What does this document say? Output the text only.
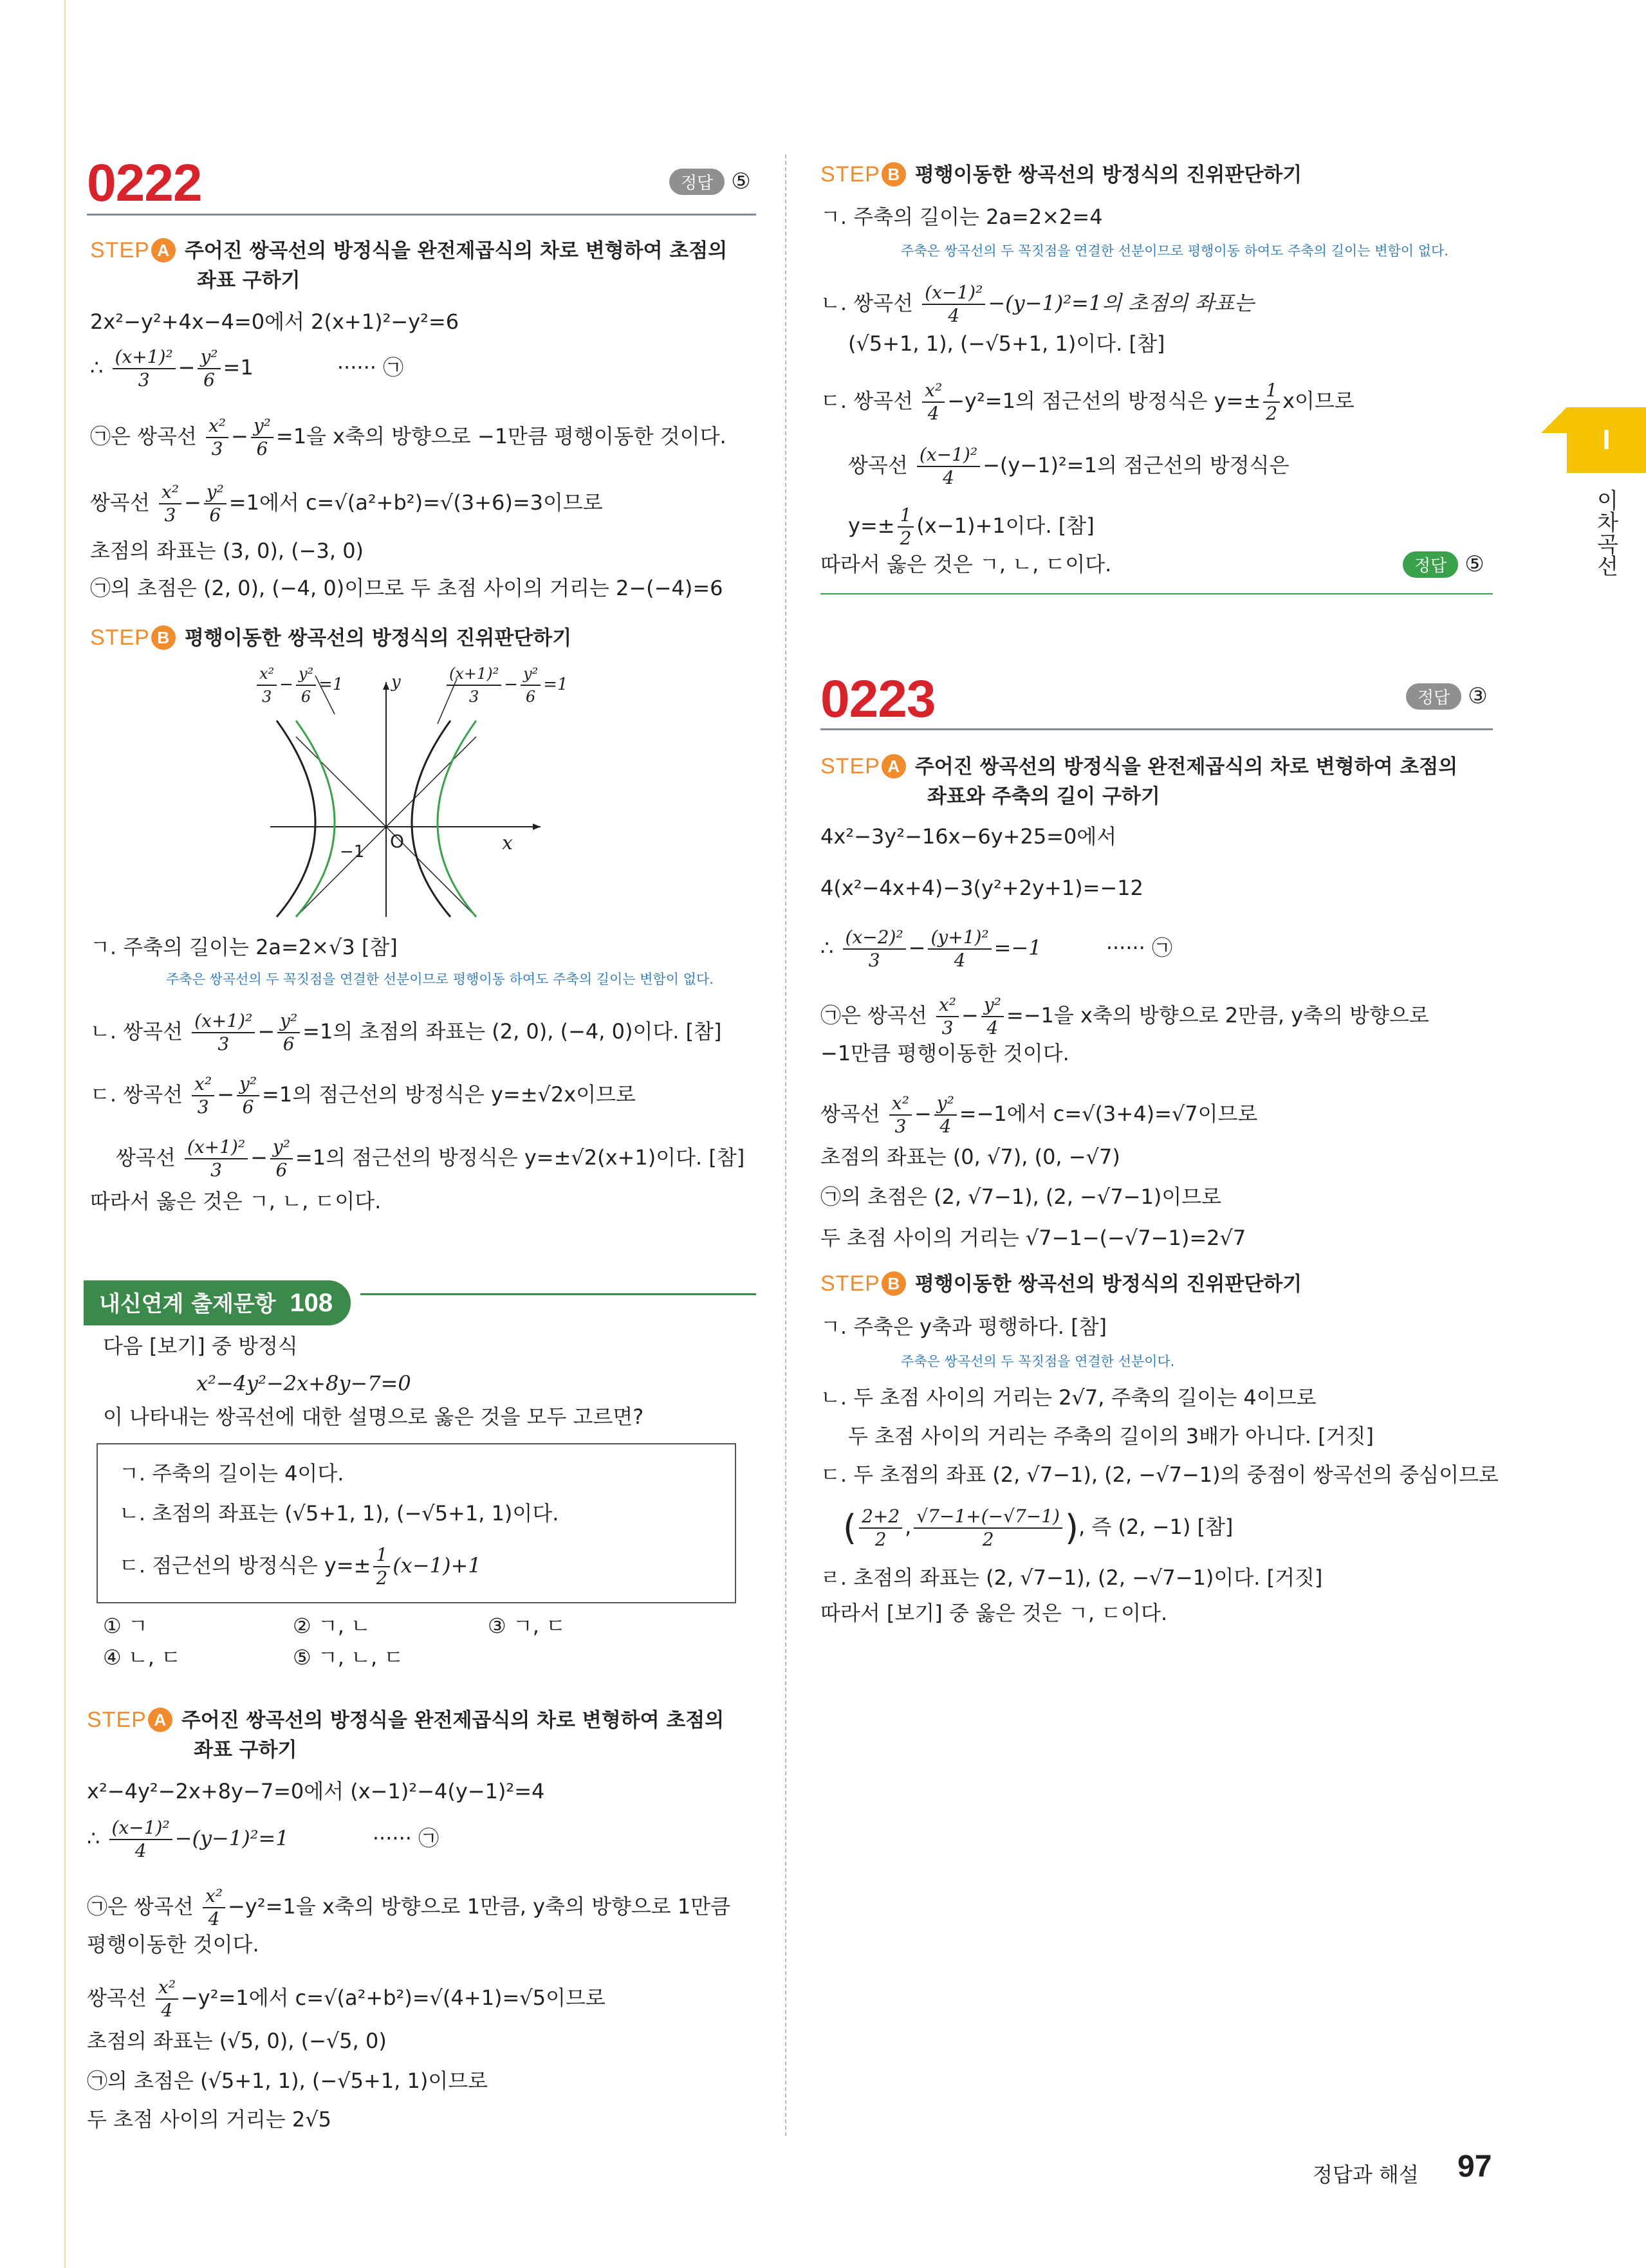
0222	정답 ⑤
STEP A 주어진 쌍곡선의 방정식을 완전제곱식의 차로 변형하여 초점의
좌표 구하기
2x²−y²+4x−4=0에서 2(x+1)²−y²=6
∴ $\frac{\text{(x+1)²}}{3} - \frac{\text{y²}}{6} =1$	······ ㉠
㉠은 쌍곡선 $\frac{\text{x²}}{3} - \frac{\text{y²}}{6} =1$을 x축의 방향으로 −1만큼 평행이동한 것이다.
쌍곡선 $\frac{\text{x²}}{3} - \frac{\text{y²}}{6} =1$에서 c=√(a²+b²)=√(3+6)=3이므로
초점의 좌표는 (3, 0), (−3, 0)
㉠의 초점은 (2, 0), (−4, 0)이므로 두 초점 사이의 거리는 2−(−4)=6
STEP B 평행이동한 쌍곡선의 방정식의 진위판단하기
y
x
O
−1
$\frac{\text{x²}}{3} - \frac{\text{y²}}{6} =1$	$\frac{\text{(x+1)²}}{3} - \frac{\text{y²}}{6} =1$
ㄱ. 주축의 길이는 2a=2×√3 [참]
주축은 쌍곡선의 두 꼭짓점을 연결한 선분이므로 평행이동 하여도 주축의 길이는 변함이 없다.
ㄴ. 쌍곡선 $\frac{\text{(x+1)²}}{3} - \frac{\text{y²}}{6} =1$의 초점의 좌표는 (2, 0), (−4, 0)이다. [참]
ㄷ. 쌍곡선 $\frac{\text{x²}}{3} - \frac{\text{y²}}{6} =1$의 점근선의 방정식은 y=±√2x이므로
쌍곡선 $\frac{\text{(x+1)²}}{3} - \frac{\text{y²}}{6} =1$의 점근선의 방정식은 y=±√2(x+1)이다. [참]
따라서 옳은 것은 ㄱ, ㄴ, ㄷ이다.
내신연계 출제문항 108
다음 [보기] 중 방정식
x²−4y²−2x+8y−7=0
이 나타내는 쌍곡선에 대한 설명으로 옳은 것을 모두 고르면?
ㄱ. 주축의 길이는 4이다.
ㄴ. 초점의 좌표는 (√5+1, 1), (−√5+1, 1)이다.
ㄷ. 점근선의 방정식은 $y=\pm \frac{1}{2} (x-1)+1$
① ㄱ	② ㄱ, ㄴ	③ ㄱ, ㄷ
④ ㄴ, ㄷ	⑤ ㄱ, ㄴ, ㄷ
STEP A 주어진 쌍곡선의 방정식을 완전제곱식의 차로 변형하여 초점의
좌표 구하기
x²−4y²−2x+8y−7=0에서 (x−1)²−4(y−1)²=4
∴ $\frac{\text{(x−1)²}}{4} -(y-1)^2=1$	······ ㉠
㉠은 쌍곡선 $\frac{\text{x²}}{4} -y^2=1$을 x축의 방향으로 1만큼, y축의 방향으로 1만큼
평행이동한 것이다.
쌍곡선 $\frac{\text{x²}}{4} -y^2=1$에서 c=√(a²+b²)=√(4+1)=√5이므로
초점의 좌표는 (√5, 0), (−√5, 0)
㉠의 초점은 (√5+1, 1), (−√5+1, 1)이므로
두 초점 사이의 거리는 2√5
STEP B 평행이동한 쌍곡선의 방정식의 진위판단하기
ㄱ. 주축의 길이는 2a=2×2=4
주축은 쌍곡선의 두 꼭짓점을 연결한 선분이므로 평행이동 하여도 주축의 길이는 변함이 없다.
ㄴ. 쌍곡선 $\frac{\text{(x−1)²}}{4} -(y-1)^2=1$의 초점의 좌표는
(√5+1, 1), (−√5+1, 1)이다. [참]
ㄷ. 쌍곡선 $\frac{\text{x²}}{4} -y^2=1$의 점근선의 방정식은 $y=\pm \frac{1}{2}$ x이므로
쌍곡선 $\frac{\text{(x−1)²}}{4} -(y-1)^2=1$의 점근선의 방정식은
$y=\pm \frac{1}{2} (x-1)+1$이다. [참]
따라서 옳은 것은 ㄱ, ㄴ, ㄷ이다.	정답 ⑤
0223	정답 ③
STEP A 주어진 쌍곡선의 방정식을 완전제곱식의 차로 변형하여 초점의
좌표와 주축의 길이 구하기
4x²−3y²−16x−6y+25=0에서
4(x²−4x+4)−3(y²+2y+1)=−12
∴ $\frac{\text{(x−2)²}}{3} - \frac{\text{(y+1)²}}{4} =-1$	······ ㉠
㉠은 쌍곡선 $\frac{\text{x²}}{3} - \frac{\text{y²}}{4} =-1$을 x축의 방향으로 2만큼, y축의 방향으로
−1만큼 평행이동한 것이다.
쌍곡선 $\frac{\text{x²}}{3} - \frac{\text{y²}}{4} =-1$에서 c=√(3+4)=√7이므로
초점의 좌표는 (0, √7), (0, −√7)
㉠의 초점은 (2, √7−1), (2, −√7−1)이므로
두 초점 사이의 거리는 √7−1−(−√7−1)=2√7
STEP B 평행이동한 쌍곡선의 방정식의 진위판단하기
ㄱ. 주축은 y축과 평행하다. [참]
주축은 쌍곡선의 두 꼭짓점을 연결한 선분이다.
ㄴ. 두 초점 사이의 거리는 2√7, 주축의 길이는 4이므로
두 초점 사이의 거리는 주축의 길이의 3배가 아니다. [거짓]
ㄷ. 두 초점의 좌표 (2, √7−1), (2, −√7−1)의 중점이 쌍곡선의 중심이므로
( $\frac{2+2}{2}$ , $\frac{√7-1+(-√7-1)}{2}$ ), 즉 (2, −1) [참]
ㄹ. 초점의 좌표는 (2, √7−1), (2, −√7−1)이다. [거짓]
따라서 [보기] 중 옳은 것은 ㄱ, ㄷ이다.
I
이차곡선
정답과 해설 97
